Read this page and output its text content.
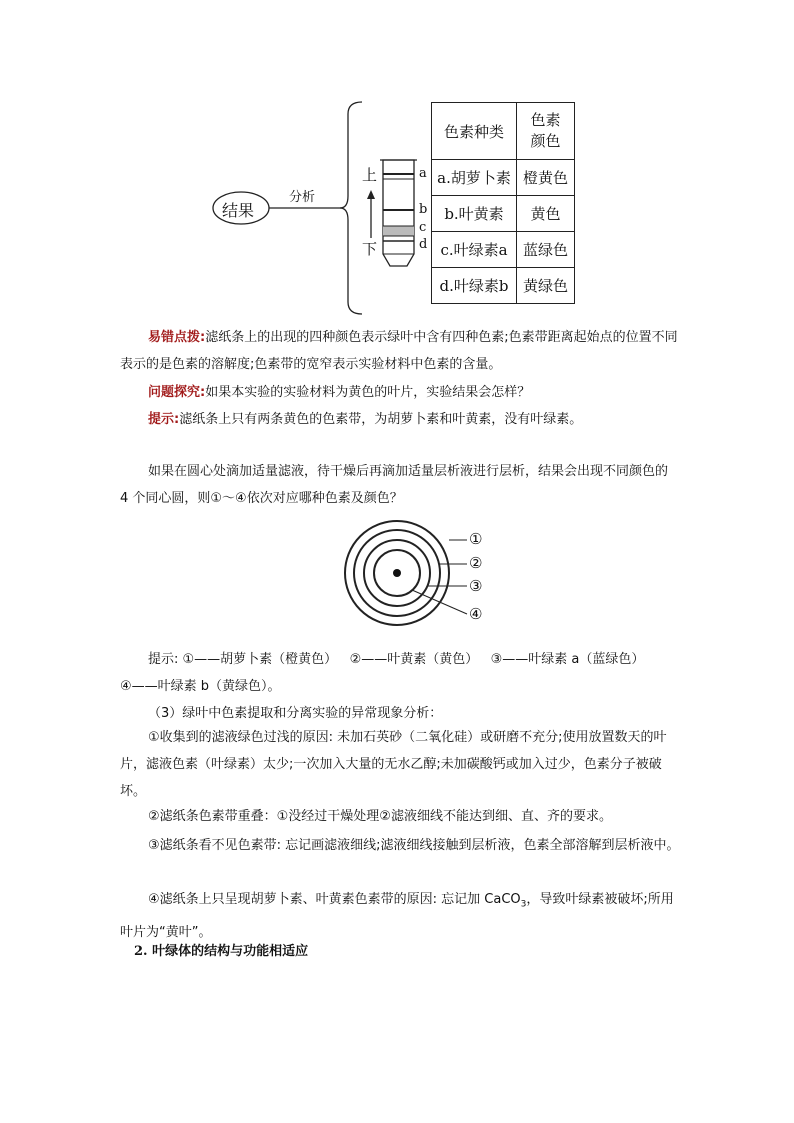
结果
分析
上
下
a
b
c
d
色素种类	色素颜色
a.胡萝卜素	橙黄色
b.叶黄素	黄色
c.叶绿素a	蓝绿色
d.叶绿素b	黄绿色
易错点拨:滤纸条上的出现的四种颜色表示绿叶中含有四种色素;色素带距离起始点的位置不同表示的是色素的溶解度;色素带的宽窄表示实验材料中色素的含量。
问题探究:如果本实验的实验材料为黄色的叶片，实验结果会怎样？
提示:滤纸条上只有两条黄色的色素带，为胡萝卜素和叶黄素，没有叶绿素。
如果在圆心处滴加适量滤液，待干燥后再滴加适量层析液进行层析，结果会出现不同颜色的 4 个同心圆，则①～④依次对应哪种色素及颜色？
①
②
③
④
提示: ①——胡萝卜素（橙黄色）   ②——叶黄素（黄色）   ③——叶绿素 a（蓝绿色）
④——叶绿素 b（黄绿色）。
（3）绿叶中色素提取和分离实验的异常现象分析：
①收集到的滤液绿色过浅的原因: 未加石英砂（二氧化硅）或研磨不充分;使用放置数天的叶片，滤液色素（叶绿素）太少;一次加入大量的无水乙醇;未加碳酸钙或加入过少，色素分子被破坏。
②滤纸条色素带重叠：①没经过干燥处理②滤液细线不能达到细、直、齐的要求。
③滤纸条看不见色素带: 忘记画滤液细线;滤液细线接触到层析液，色素全部溶解到层析液中。
④滤纸条上只呈现胡萝卜素、叶黄素色素带的原因: 忘记加 CaCO$_3$，导致叶绿素被破坏;所用叶片为“黄叶”。
2. 叶绿体的结构与功能相适应
